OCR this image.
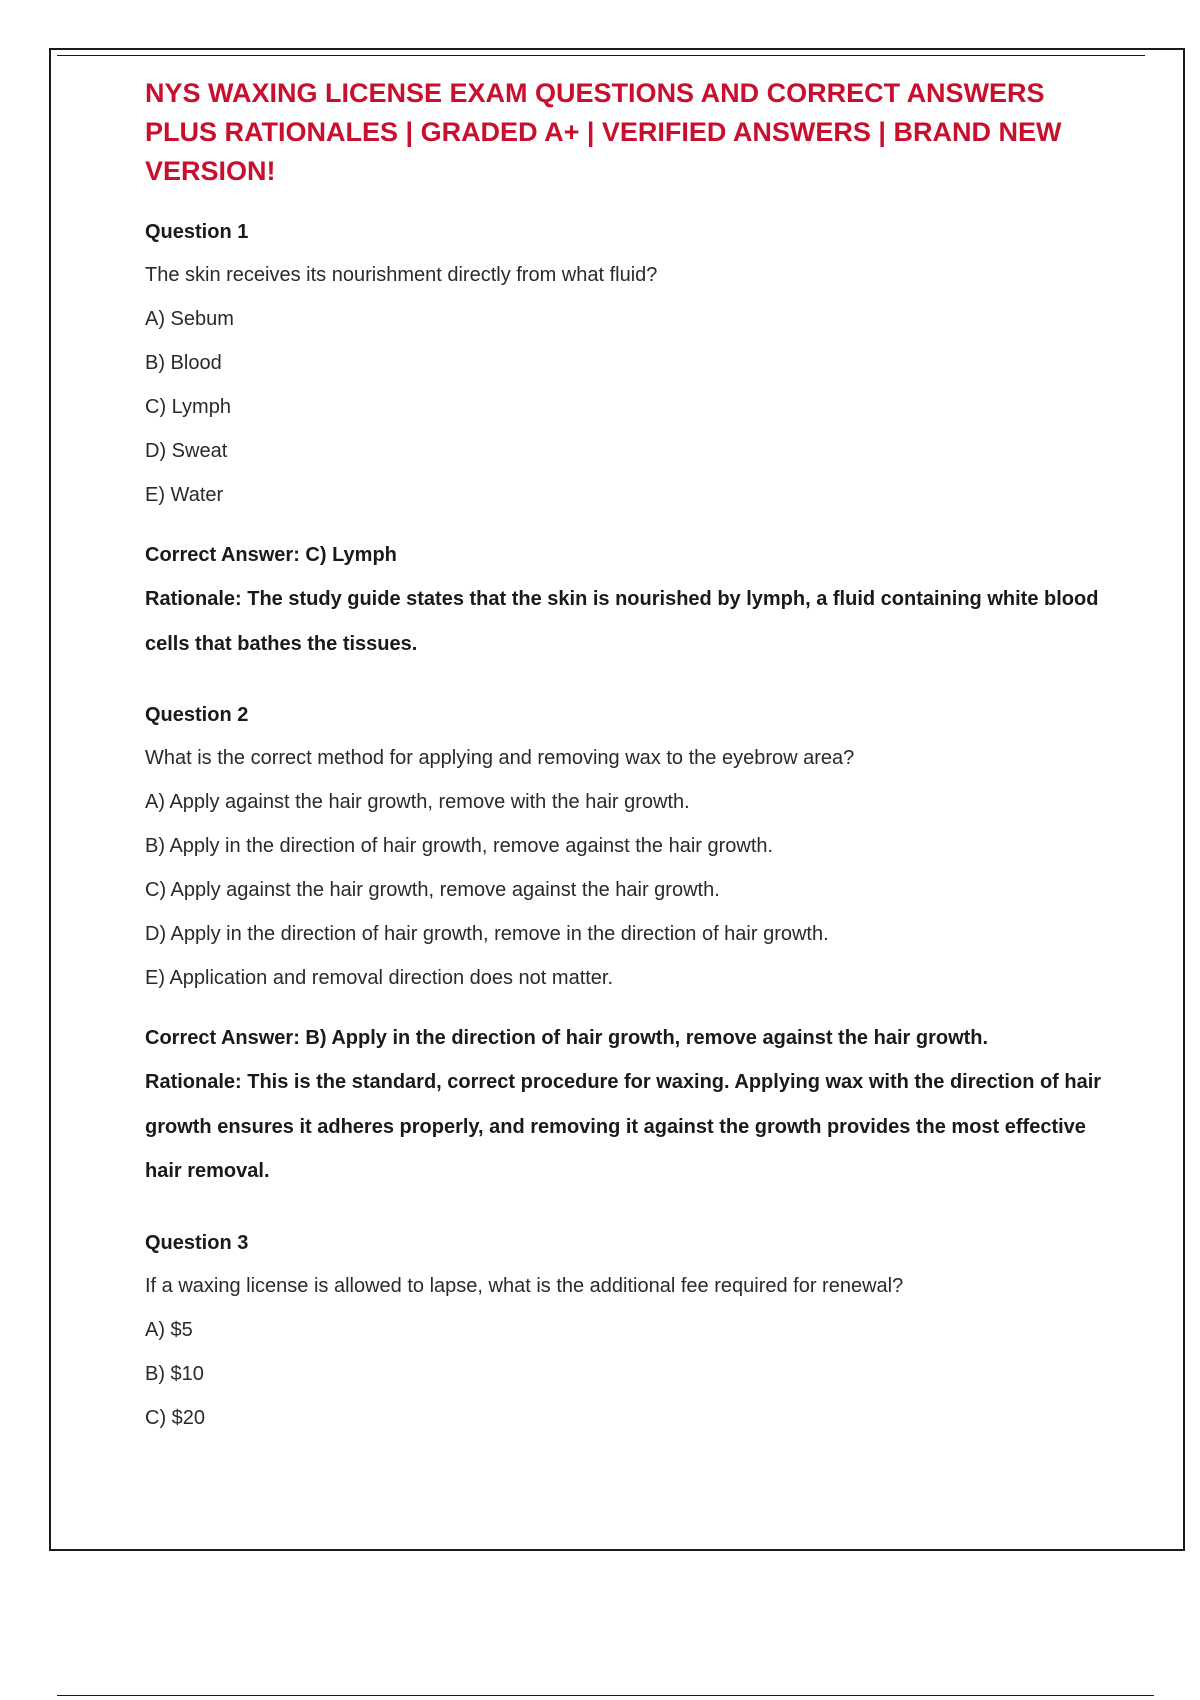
NYS WAXING LICENSE EXAM QUESTIONS AND CORRECT ANSWERS PLUS RATIONALES | GRADED A+ | VERIFIED ANSWERS | BRAND NEW VERSION!
Question 1
The skin receives its nourishment directly from what fluid?
A) Sebum
B) Blood
C) Lymph
D) Sweat
E) Water
Correct Answer: C) Lymph
Rationale: The study guide states that the skin is nourished by lymph, a fluid containing white blood cells that bathes the tissues.
Question 2
What is the correct method for applying and removing wax to the eyebrow area?
A) Apply against the hair growth, remove with the hair growth.
B) Apply in the direction of hair growth, remove against the hair growth.
C) Apply against the hair growth, remove against the hair growth.
D) Apply in the direction of hair growth, remove in the direction of hair growth.
E) Application and removal direction does not matter.
Correct Answer: B) Apply in the direction of hair growth, remove against the hair growth.
Rationale: This is the standard, correct procedure for waxing. Applying wax with the direction of hair growth ensures it adheres properly, and removing it against the growth provides the most effective hair removal.
Question 3
If a waxing license is allowed to lapse, what is the additional fee required for renewal?
A) $5
B) $10
C) $20
